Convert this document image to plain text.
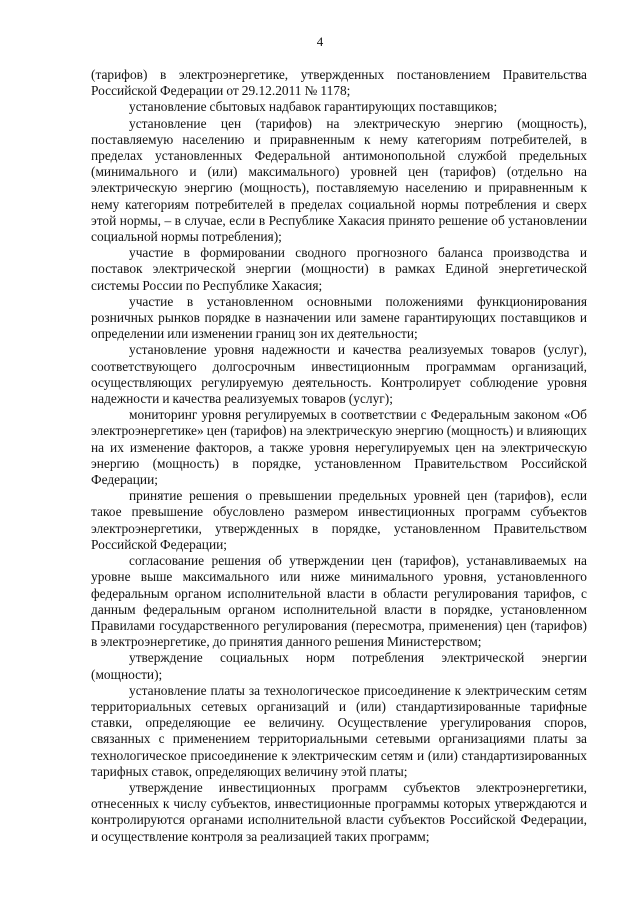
4

(тарифов) в электроэнергетике, утвержденных постановлением Правительства Российской Федерации от 29.12.2011 № 1178;

установление сбытовых надбавок гарантирующих поставщиков;

установление цен (тарифов) на электрическую энергию (мощность), поставляемую населению и приравненным к нему категориям потребителей, в пределах установленных Федеральной антимонопольной службой предельных (минимального и (или) максимального) уровней цен (тарифов) (отдельно на электрическую энергию (мощность), поставляемую населению и приравненным к нему категориям потребителей в пределах социальной нормы потребления и сверх этой нормы, – в случае, если в Республике Хакасия принято решение об установлении социальной нормы потребления);

участие в формировании сводного прогнозного баланса производства и поставок электрической энергии (мощности) в рамках Единой энергетической системы России по Республике Хакасия;

участие в установленном основными положениями функционирования розничных рынков порядке в назначении или замене гарантирующих поставщиков и определении или изменении границ зон их деятельности;

установление уровня надежности и качества реализуемых товаров (услуг), соответствующего долгосрочным инвестиционным программам организаций, осуществляющих регулируемую деятельность. Контролирует соблюдение уровня надежности и качества реализуемых товаров (услуг);

мониторинг уровня регулируемых в соответствии с Федеральным законом «Об электроэнергетике» цен (тарифов) на электрическую энергию (мощность) и влияющих на их изменение факторов, а также уровня нерегулируемых цен на электрическую энергию (мощность) в порядке, установленном Правительством Российской Федерации;

принятие решения о превышении предельных уровней цен (тарифов), если такое превышение обусловлено размером инвестиционных программ субъектов электроэнергетики, утвержденных в порядке, установленном Правительством Российской Федерации;

согласование решения об утверждении цен (тарифов), устанавливаемых на уровне выше максимального или ниже минимального уровня, установленного федеральным органом исполнительной власти в области регулирования тарифов, с данным федеральным органом исполнительной власти в порядке, установленном Правилами государственного регулирования (пересмотра, применения) цен (тарифов) в электроэнергетике, до принятия данного решения Министерством;

утверждение социальных норм потребления электрической энергии (мощности);

установление платы за технологическое присоединение к электрическим сетям территориальных сетевых организаций и (или) стандартизированные тарифные ставки, определяющие ее величину. Осуществление урегулирования споров, связанных с применением территориальными сетевыми организациями платы за технологическое присоединение к электрическим сетям и (или) стандартизированных тарифных ставок, определяющих величину этой платы;

утверждение инвестиционных программ субъектов электроэнергетики, отнесенных к числу субъектов, инвестиционные программы которых утверждаются и контролируются органами исполнительной власти субъектов Российской Федерации, и осуществление контроля за реализацией таких программ;
